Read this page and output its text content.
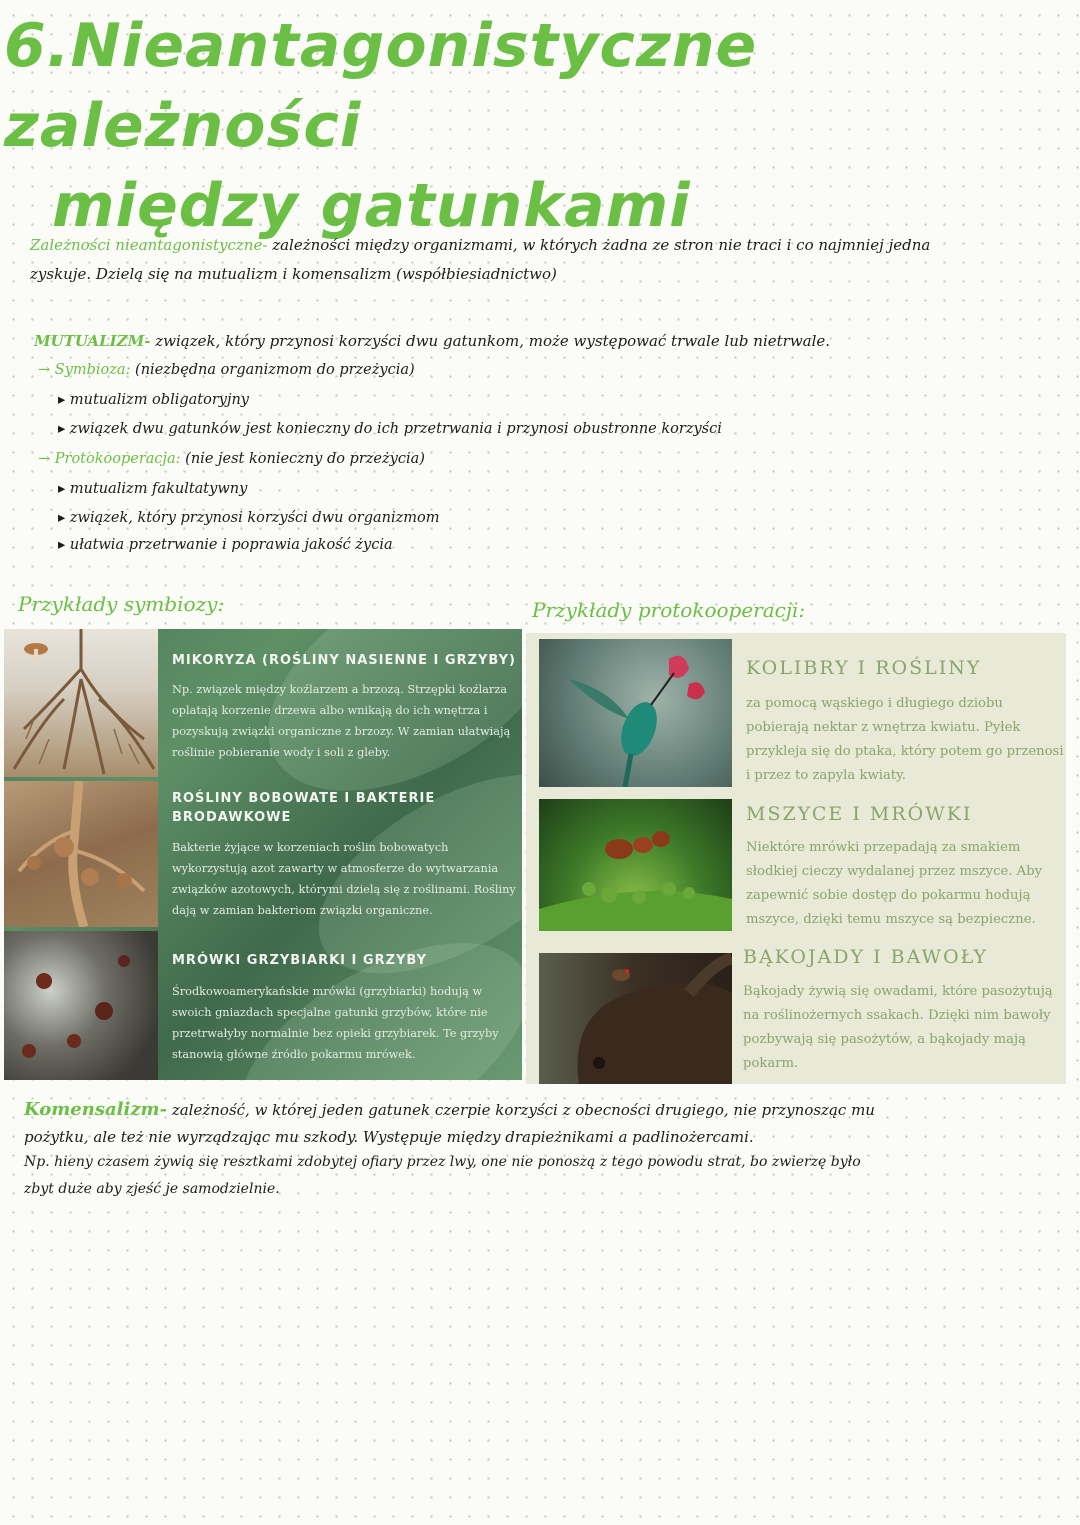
6.Nieantagonistyczne zależności
między gatunkami
Zależności nieantagonistyczne- zależności między organizmami, w których żadna ze stron nie traci i co najmniej jedna
zyskuje. Dzielą się na mutualizm i komensalizm (współbiesiadnictwo)
MUTUALIZM- związek, który przynosi korzyści dwu gatunkom, może występować trwale lub nietrwale.
→ Symbioza: (niezbędna organizmom do przeżycia)
▸ mutualizm obligatoryjny
▸ związek dwu gatunków jest konieczny do ich przetrwania i przynosi obustronne korzyści
→ Protokooperacja: (nie jest konieczny do przeżycia)
▸ mutualizm fakultatywny
▸ związek, który przynosi korzyści dwu organizmom
▸ ułatwia przetrwanie i poprawia jakość życia
Przykłady symbiozy:	Przykłady protokooperacji:
MIKORYZA (ROŚLINY NASIENNE I GRZYBY)
Np. związek między koźlarzem a brzozą. Strzępki koźlarza oplatają korzenie drzewa albo wnikają do ich wnętrza i pozyskują związki organiczne z brzozy. W zamian ułatwiają roślinie pobieranie wody i soli z gleby.
ROŚLINY BOBOWATE I BAKTERIE BRODAWKOWE
Bakterie żyjące w korzeniach roślin bobowatych wykorzystują azot zawarty w atmosferze do wytwarzania związków azotowych, którymi dzielą się z roślinami. Rośliny dają w zamian bakteriom związki organiczne.
MRÓWKI GRZYBIARKI I GRZYBY
Środkowoamerykańskie mrówki (grzybiarki) hodują w swoich gniazdach specjalne gatunki grzybów, które nie przetrwałyby normalnie bez opieki grzybiarek. Te grzyby stanowią główne źródło pokarmu mrówek.
KOLIBRY I ROŚLINY
za pomocą wąskiego i długiego dziobu pobierają nektar z wnętrza kwiatu. Pyłek przykleja się do ptaka, który potem go przenosi i przez to zapyla kwiaty.
MSZYCE I MRÓWKI
Niektóre mrówki przepadają za smakiem słodkiej cieczy wydalanej przez mszyce. Aby zapewnić sobie dostęp do pokarmu hodują mszyce, dzięki temu mszyce są bezpieczne.
BĄKOJADY I BAWOŁY
Bąkojady żywią się owadami, które pasożytują na roślinożernych ssakach. Dzięki nim bawoły pozbywają się pasożytów, a bąkojady mają pokarm.
Komensalizm- zależność, w której jeden gatunek czerpie korzyści z obecności drugiego, nie przynosząc mu
pożytku, ale też nie wyrządzając mu szkody. Występuje między drapieżnikami a padlinożercami.
Np. hieny czasem żywią się resztkami zdobytej ofiary przez lwy, one nie ponoszą z tego powodu strat, bo zwierzę było
zbyt duże aby zjeść je samodzielnie.
